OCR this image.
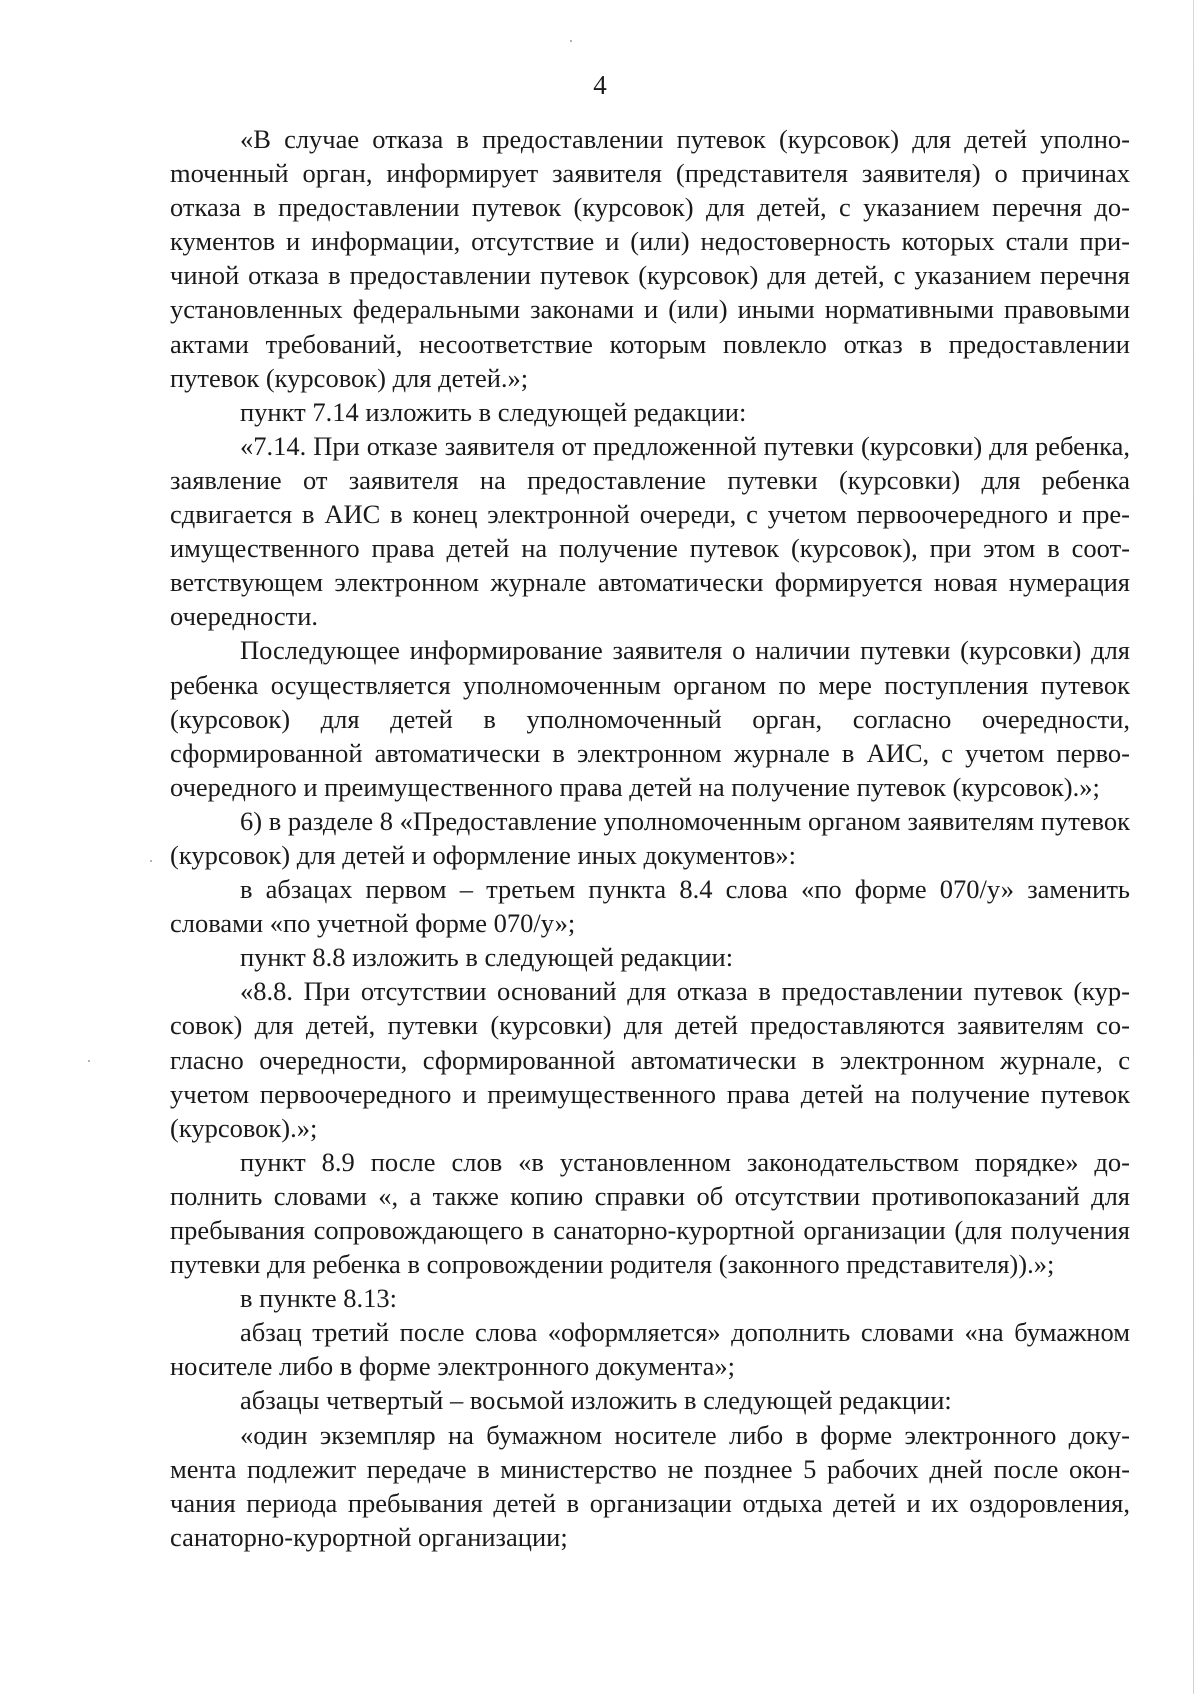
4

«В случае отказа в предоставлении путевок (курсовок) для детей уполноmоченный орган, информирует заявителя (представителя заявителя) о причинах отказа в предоставлении путевок (курсовок) для детей, с указанием перечня документов и информации, отсутствие и (или) недостоверность которых стали причиной отказа в предоставлении путевок (курсовок) для детей, с указанием перечня установленных федеральными законами и (или) иными нормативными правовыми актами требований, несоответствие которым повлекло отказ в предоставлении путевок (курсовок) для детей.»;

пункт 7.14 изложить в следующей редакции:

«7.14. При отказе заявителя от предложенной путевки (курсовки) для ребенка, заявление от заявителя на предоставление путевки (курсовки) для ребенка сдвигается в АИС в конец электронной очереди, с учетом первоочередного и преимущественного права детей на получение путевок (курсовок), при этом в соответствующем электронном журнале автоматически формируется новая нумерация очередности.

Последующее информирование заявителя о наличии путевки (курсовки) для ребенка осуществляется уполномоченным органом по мере поступления путевок (курсовок) для детей в уполномоченный орган, согласно очередности, сформированной автоматически в электронном журнале в АИС, с учетом первоочередного и преимущественного права детей на получение путевок (курсовок).»;

6) в разделе 8 «Предоставление уполномоченным органом заявителям путевок (курсовок) для детей и оформление иных документов»:

в абзацах первом – третьем пункта 8.4 слова «по форме 070/у» заменить словами «по учетной форме 070/у»;

пункт 8.8 изложить в следующей редакции:

«8.8. При отсутствии оснований для отказа в предоставлении путевок (курсовок) для детей, путевки (курсовки) для детей предоставляются заявителям согласно очередности, сформированной автоматически в электронном журнале, с учетом первоочередного и преимущественного права детей на получение путевок (курсовок).»;

пункт 8.9 после слов «в установленном законодательством порядке» дополнить словами «, а также копию справки об отсутствии противопоказаний для пребывания сопровождающего в санаторно-курортной организации (для получения путевки для ребенка в сопровождении родителя (законного представителя)).»;

в пункте 8.13:

абзац третий после слова «оформляется» дополнить словами «на бумажном носителе либо в форме электронного документа»;

абзацы четвертый – восьмой изложить в следующей редакции:

«один экземпляр на бумажном носителе либо в форме электронного документа подлежит передаче в министерство не позднее 5 рабочих дней после окончания периода пребывания детей в организации отдыха детей и их оздоровления, санаторно-курортной организации;
